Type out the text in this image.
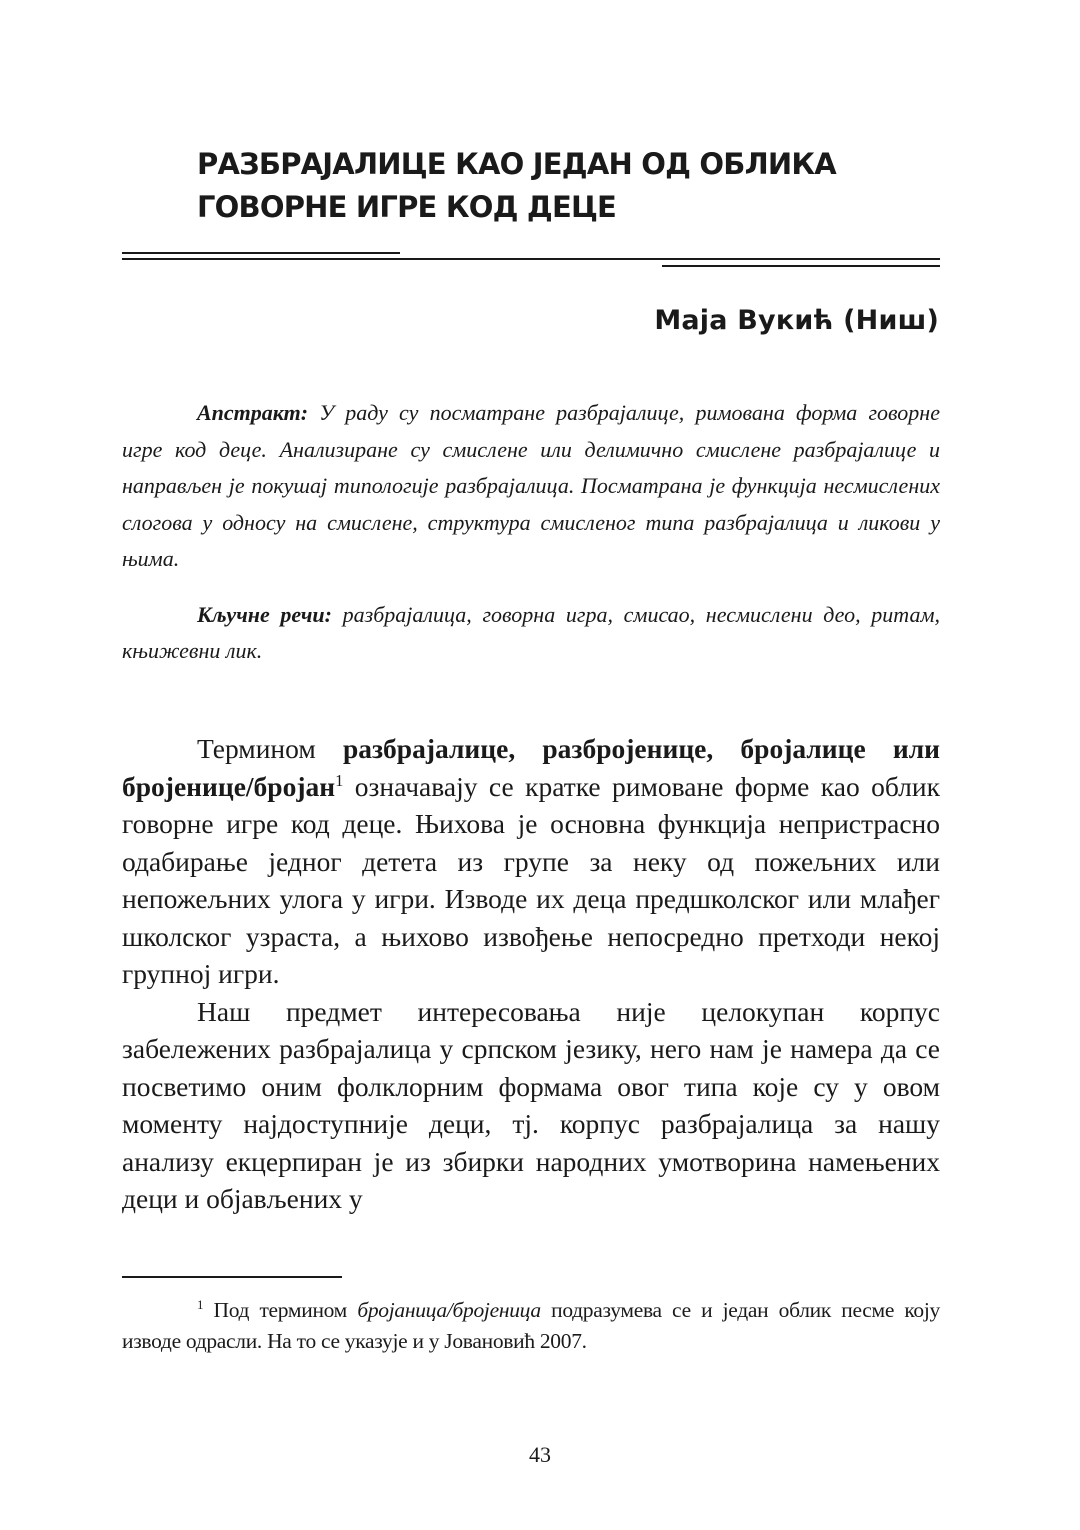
РАЗБРАЈАЛИЦЕ КАО ЈЕДАН ОД ОБЛИКА
ГОВОРНЕ ИГРЕ КОД ДЕЦЕ

Маја Вукић (Ниш)

Апстракт: У раду су посматране разбрајалице, римована форма говорне игре код деце. Анализиране су смислене или делимично смислене разбрајалице и направљен је покушај типологије разбрајалица. Посматрана је функција несмислених слогова у односу на смислене, структура смисленог типа разбрајалица и ликови у њима.

Кључне речи: разбрајалица, говорна игра, смисао, несмислени део, ритам, књижевни лик.

Термином разбрајалице, разбројенице, бројалице или бројенице/бројан$^1$ означавају се кратке римоване форме као облик говорне игре код деце. Њихова је основна функција непристрасно одабирање једног детета из групе за неку од пожељних или непожељних улога у игри. Изводе их деца предшколског или млађег школског узраста, а њихово извођење непосредно претходи некој групној игри.

Наш предмет интересовања није целокупан корпус забележених разбрајалица у српском језику, него нам је намера да се посветимо оним фолклорним формама овог типа које су у овом моменту најдоступније деци, тј. корпус разбрајалица за нашу анализу екцерпиран је из збирки народних умотворина намењених деци и објављених у

$^1$ Под термином бројаница/бројеница подразумева се и један облик песме коју изводе одрасли. На то се указује и у Јовановић 2007.

43
